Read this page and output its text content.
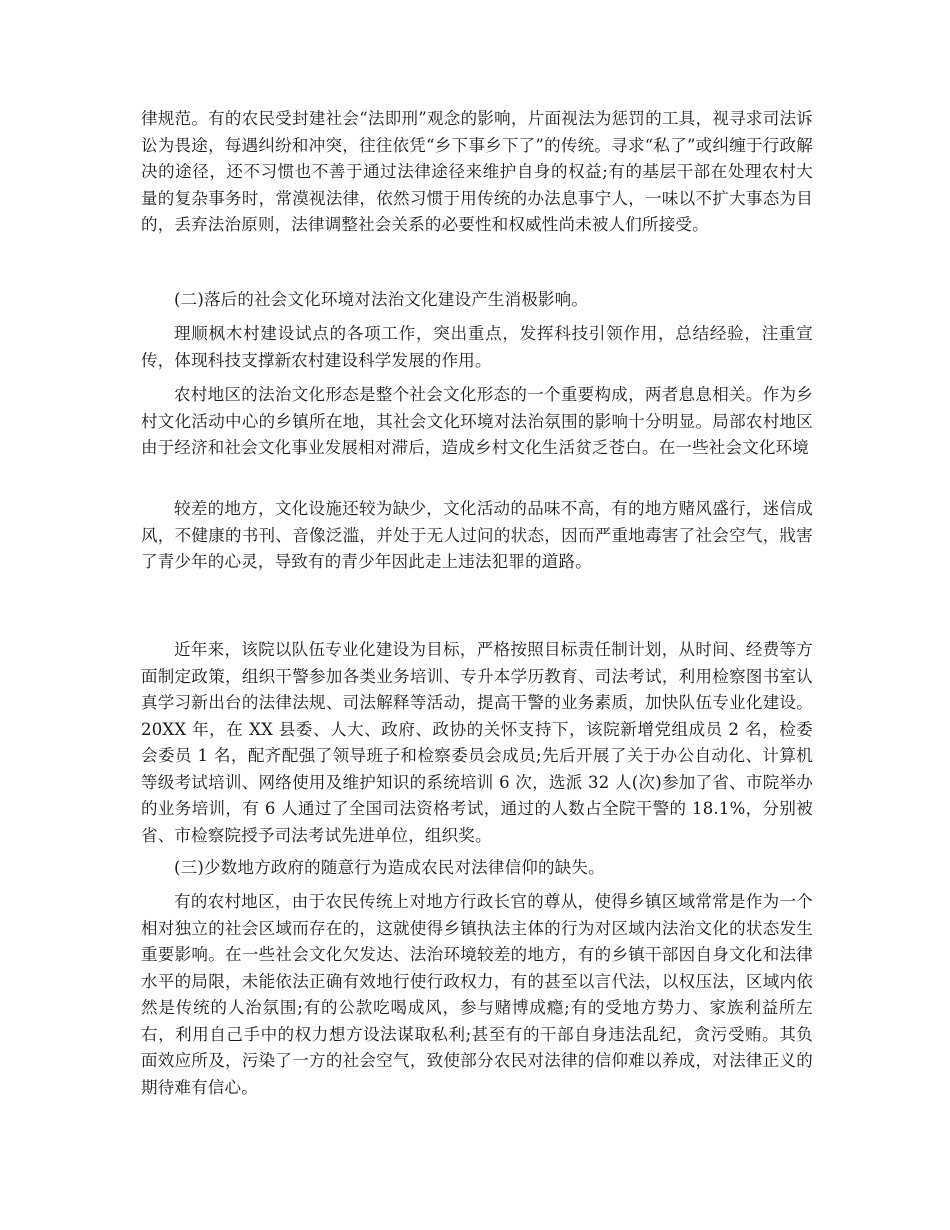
律规范。有的农民受封建社会“法即刑”观念的影响，片面视法为惩罚的工具，视寻求司法诉讼为畏途，每遇纠纷和冲突，往往依凭“乡下事乡下了”的传统。寻求“私了”或纠缠于行政解决的途径，还不习惯也不善于通过法律途径来维护自身的权益;有的基层干部在处理农村大量的复杂事务时，常漠视法律，依然习惯于用传统的办法息事宁人，一味以不扩大事态为目的，丢弃法治原则，法律调整社会关系的必要性和权威性尚未被人们所接受。

(二)落后的社会文化环境对法治文化建设产生消极影响。

理顺枫木村建设试点的各项工作，突出重点，发挥科技引领作用，总结经验，注重宣传，体现科技支撑新农村建设科学发展的作用。

农村地区的法治文化形态是整个社会文化形态的一个重要构成，两者息息相关。作为乡村文化活动中心的乡镇所在地，其社会文化环境对法治氛围的影响十分明显。局部农村地区由于经济和社会文化事业发展相对滞后，造成乡村文化生活贫乏苍白。在一些社会文化环境

较差的地方，文化设施还较为缺少，文化活动的品味不高，有的地方赌风盛行，迷信成风，不健康的书刊、音像泛滥，并处于无人过问的状态，因而严重地毒害了社会空气，戕害了青少年的心灵，导致有的青少年因此走上违法犯罪的道路。

近年来，该院以队伍专业化建设为目标，严格按照目标责任制计划，从时间、经费等方面制定政策，组织干警参加各类业务培训、专升本学历教育、司法考试，利用检察图书室认真学习新出台的法律法规、司法解释等活动，提高干警的业务素质，加快队伍专业化建设。20XX 年，在 XX 县委、人大、政府、政协的关怀支持下，该院新增党组成员 2 名，检委会委员 1 名，配齐配强了领导班子和检察委员会成员;先后开展了关于办公自动化、计算机等级考试培训、网络使用及维护知识的系统培训 6 次，选派 32 人(次)参加了省、市院举办的业务培训，有 6 人通过了全国司法资格考试，通过的人数占全院干警的 18.1%，分别被省、市检察院授予司法考试先进单位，组织奖。

(三)少数地方政府的随意行为造成农民对法律信仰的缺失。

有的农村地区，由于农民传统上对地方行政长官的尊从，使得乡镇区域常常是作为一个相对独立的社会区域而存在的，这就使得乡镇执法主体的行为对区域内法治文化的状态发生重要影响。在一些社会文化欠发达、法治环境较差的地方，有的乡镇干部因自身文化和法律水平的局限，未能依法正确有效地行使行政权力，有的甚至以言代法，以权压法，区域内依然是传统的人治氛围;有的公款吃喝成风，参与赌博成瘾;有的受地方势力、家族利益所左右，利用自己手中的权力想方设法谋取私利;甚至有的干部自身违法乱纪，贪污受贿。其负面效应所及，污染了一方的社会空气，致使部分农民对法律的信仰难以养成，对法律正义的期待难有信心。
